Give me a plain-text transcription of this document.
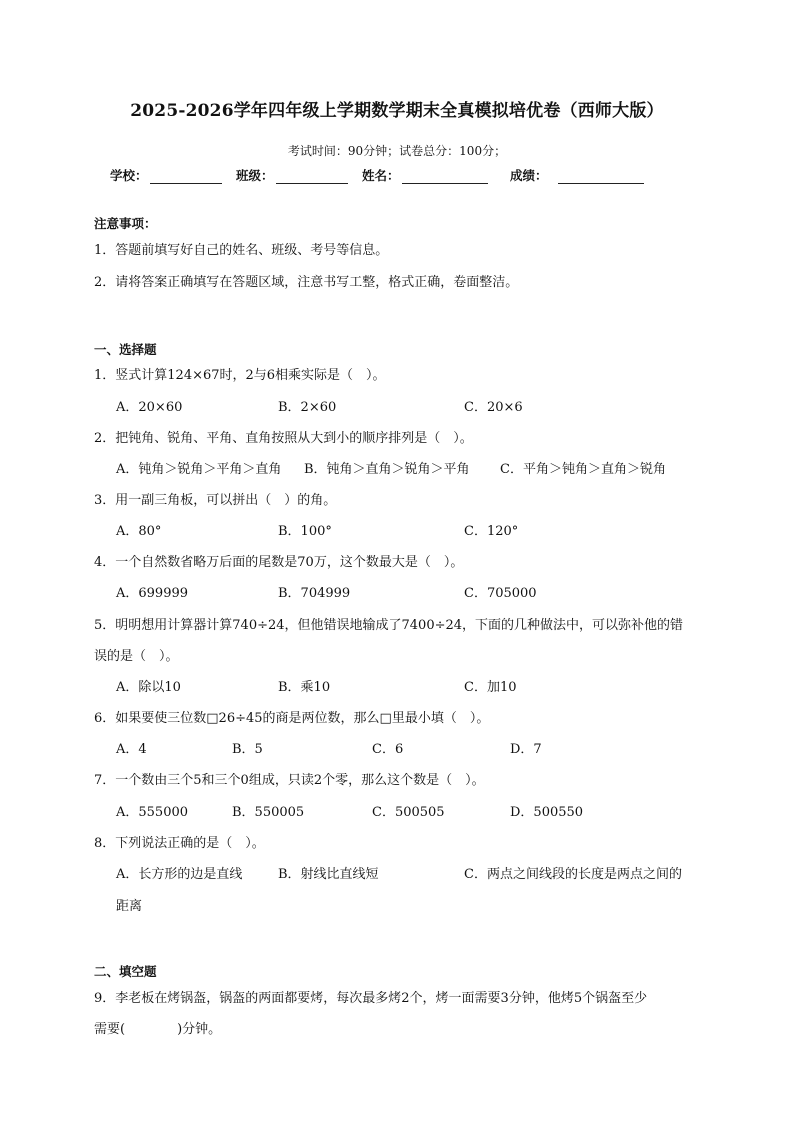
2025-2026学年四年级上学期数学期末全真模拟培优卷（西师大版）
考试时间：90分钟；试卷总分：100分；
学校：	班级：	姓名：	成绩：
注意事项：
1．答题前填写好自己的姓名、班级、考号等信息。
2．请将答案正确填写在答题区域，注意书写工整，格式正确，卷面整洁。
一、选择题
1．竖式计算124×67时，2与6相乘实际是（　）。
A．20×60	B．2×60	C．20×6
2．把钝角、锐角、平角、直角按照从大到小的顺序排列是（　）。
A．钝角＞锐角＞平角＞直角 B．钝角＞直角＞锐角＞平角 C．平角＞钝角＞直角＞锐角
3．用一副三角板，可以拼出（　）的角。
A．80°	B．100°	C．120°
4．一个自然数省略万后面的尾数是70万，这个数最大是（　）。
A．699999	B．704999	C．705000
5．明明想用计算器计算740÷24，但他错误地输成了7400÷24，下面的几种做法中，可以弥补他的错
误的是（　）。
A．除以10	B．乘10	C．加10
6．如果要使三位数□26÷45的商是两位数，那么□里最小填（　）。
A．4	B．5	C．6	D．7
7．一个数由三个5和三个0组成，只读2个零，那么这个数是（　）。
A．555000	B．550005	C．500505	D．500550
8．下列说法正确的是（　）。
A．长方形的边是直线	B．射线比直线短	C．两点之间线段的长度是两点之间的
距离
二、填空题
9．李老板在烤锅盔，锅盔的两面都要烤，每次最多烤2个，烤一面需要3分钟，他烤5个锅盔至少
需要(　　　　)分钟。
